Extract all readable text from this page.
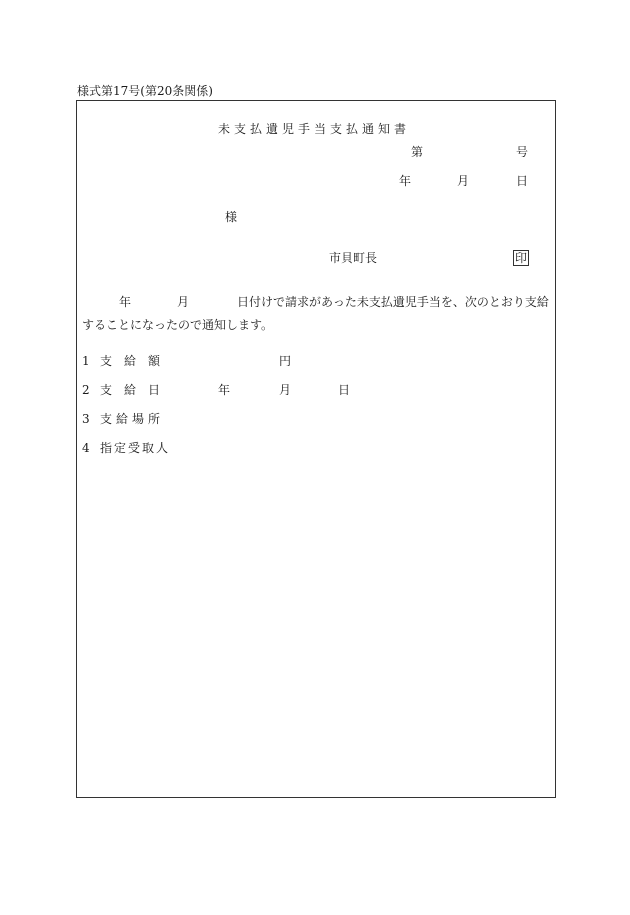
様式第17号(第20条関係)
未支払遺児手当支払通知書
第	号
年	月	日
様
市貝町長	印
年	月	日付けで請求があった未支払遺児手当を、次のとおり支給
することになったので通知します。
1 支　給　額	円
2 支　給　日	年	月	日
3 支給場所
4 指定受取人
